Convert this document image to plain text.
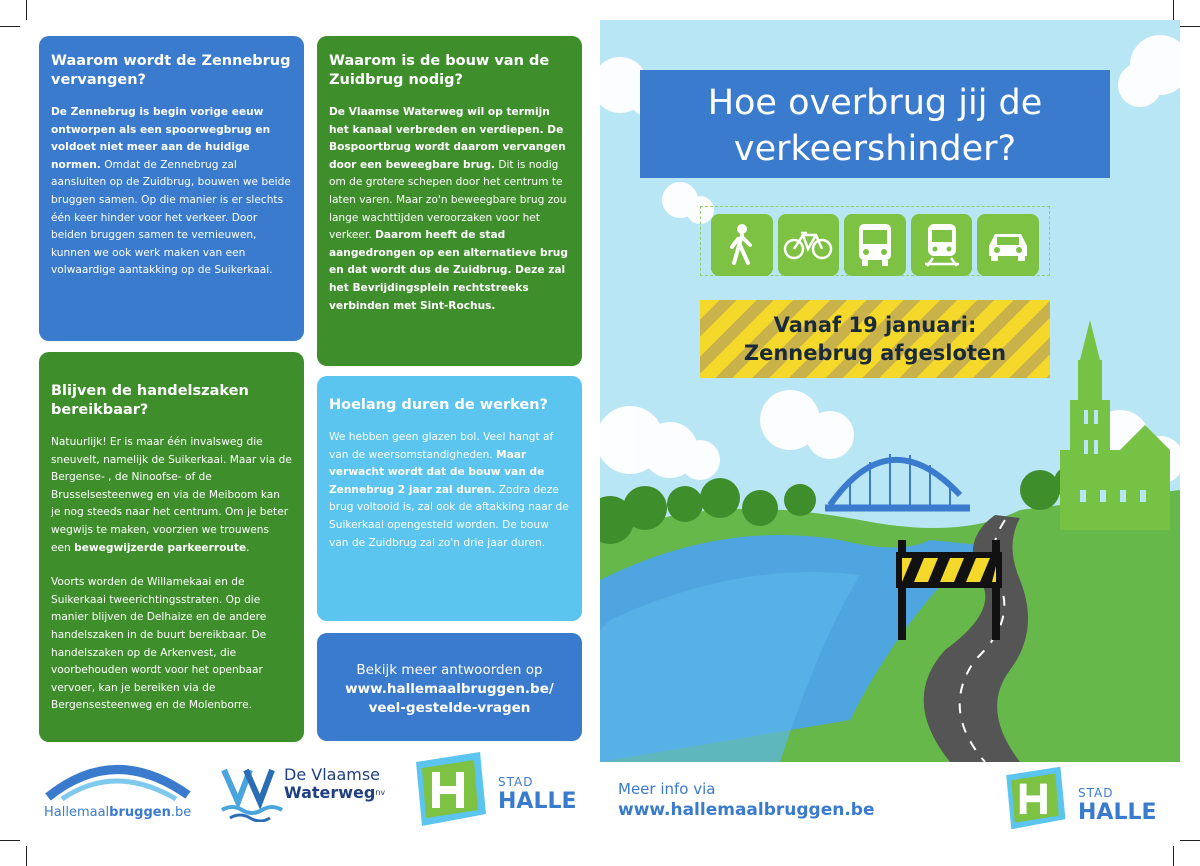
Waarom wordt de Zennebrug vervangen?

De Zennebrug is begin vorige eeuw ontworpen als een spoorwegbrug en voldoet niet meer aan de huidige normen. Omdat de Zennebrug zal aansluiten op de Zuidbrug, bouwen we beide bruggen samen. Op die manier is er slechts één keer hinder voor het verkeer. Door beiden bruggen samen te vernieuwen, kunnen we ook werk maken van een volwaardige aantakking op de Suikerkaai.

Blijven de handelszaken bereikbaar?

Natuurlijk! Er is maar één invalsweg die sneuvelt, namelijk de Suikerkaai. Maar via de Bergense- , de Ninoofse- of de Brusselsesteenweg en via de Meiboom kan je nog steeds naar het centrum. Om je beter wegwijs te maken, voorzien we trouwens een bewegwijzerde parkeerroute.

Voorts worden de Willamekaai en de Suikerkaai tweerichtingsstraten. Op die manier blijven de Delhaize en de andere handelszaken in de buurt bereikbaar. De handelszaken op de Arkenvest, die voorbehouden wordt voor het openbaar vervoer, kan je bereiken via de Bergensesteenweg en de Molenborre.

Waarom is de bouw van de Zuidbrug nodig?

De Vlaamse Waterweg wil op termijn het kanaal verbreden en verdiepen. De Bospoortbrug wordt daarom vervangen door een beweegbare brug. Dit is nodig om de grotere schepen door het centrum te laten varen. Maar zo'n beweegbare brug zou lange wachttijden veroorzaken voor het verkeer. Daarom heeft de stad aangedrongen op een alternatieve brug en dat wordt dus de Zuidbrug. Deze zal het Bevrijdingsplein rechtstreeks verbinden met Sint-Rochus.

Hoelang duren de werken?

We hebben geen glazen bol. Veel hangt af van de weersomstandigheden. Maar verwacht wordt dat de bouw van de Zennebrug 2 jaar zal duren. Zodra deze brug voltooid is, zal ook de aftakking naar de Suikerkaai opengesteld worden. De bouw van de Zuidbrug zal zo'n drie jaar duren.

Bekijk meer antwoorden op
www.hallemaalbruggen.be/
veel-gestelde-vragen
Hallemaalbruggen.be
De Vlaamse
Waterweg$^{nv}$
STAD
HALLE
Hoe overbrug jij de
verkeershinder?
Vanaf 19 januari:
Zennebrug afgesloten
Meer info via
www.hallemaalbruggen.be
STAD
HALLE
